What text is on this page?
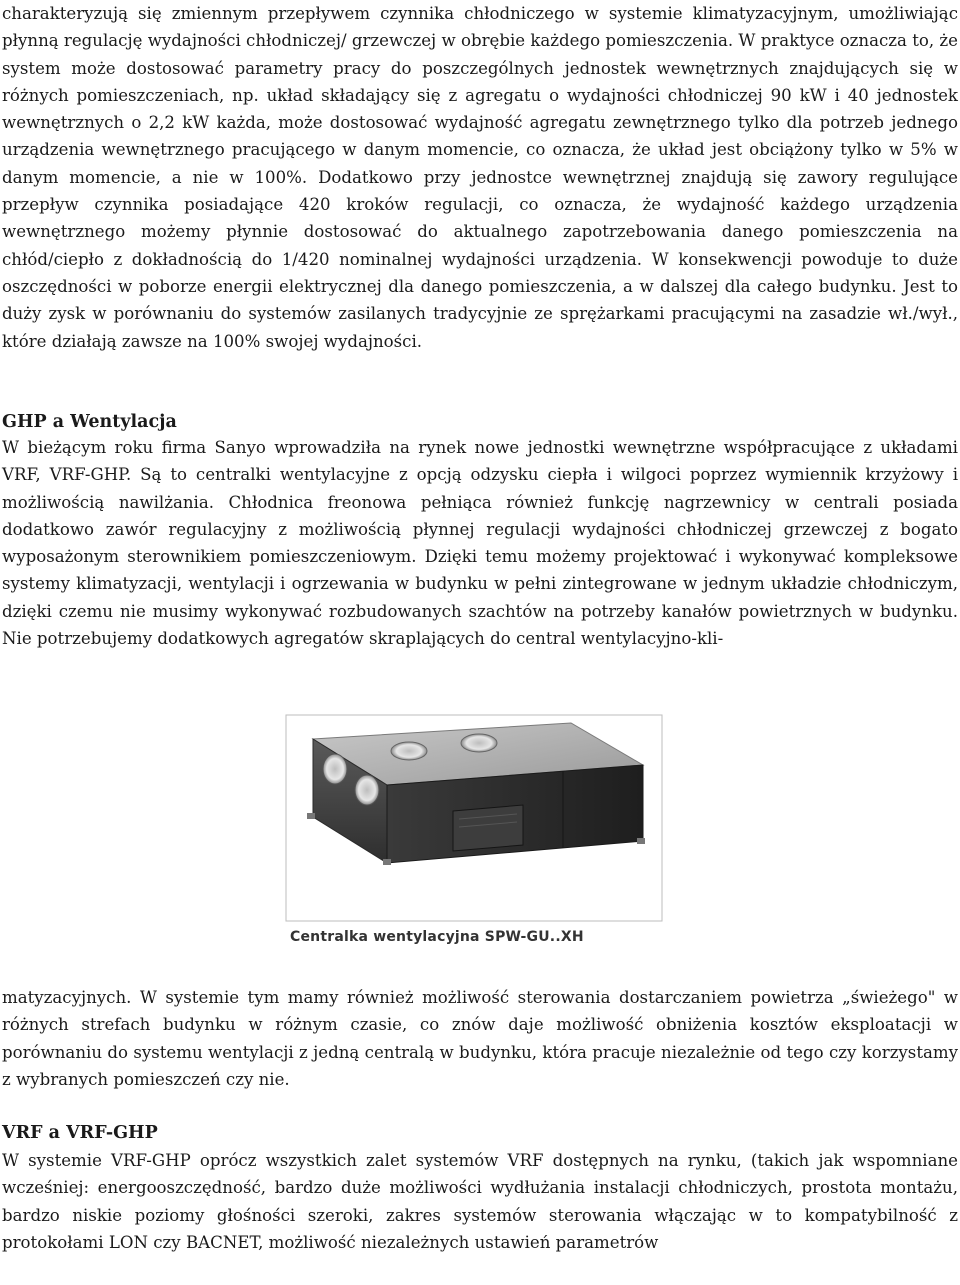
charakteryzują się zmiennym przepływem czynnika chłodniczego w systemie klimatyzacyjnym, umożliwiając płynną regulację wydajności chłodniczej/ grzewczej w obrębie każdego pomieszczenia. W praktyce oznacza to, że system może dostosować parametry pracy do poszczególnych jednostek wewnętrznych znajdujących się w różnych pomieszczeniach, np. układ składający się z agregatu o wydajności chłodniczej 90 kW i 40 jednostek wewnętrznych o 2,2 kW każda, może dostosować wydajność agregatu zewnętrznego tylko dla potrzeb jednego urządzenia wewnętrznego pracującego w danym momencie, co oznacza, że układ jest obciążony tylko w 5% w danym momencie, a nie w 100%. Dodatkowo przy jednostce wewnętrznej znajdują się zawory regulujące przepływ czynnika posiadające 420 kroków regulacji, co oznacza, że wydajność każdego urządzenia wewnętrznego możemy płynnie dostosować do aktualnego zapotrzebowania danego pomieszczenia na chłód/ciepło z dokładnością do 1/420 nominalnej wydajności urządzenia. W konsekwencji powoduje to duże oszczędności w poborze energii elektrycznej dla danego pomieszczenia, a w dalszej dla całego budynku. Jest to duży zysk w porównaniu do systemów zasilanych tradycyjnie ze sprężarkami pracującymi na zasadzie wł./wył., które działają zawsze na 100% swojej wydajności.

GHP a Wentylacja

W bieżącym roku firma Sanyo wprowadziła na rynek nowe jednostki wewnętrzne współpracujące z układami VRF, VRF-GHP. Są to centralki wentylacyjne z opcją odzysku ciepła i wilgoci poprzez wymiennik krzyżowy i możliwością nawilżania. Chłodnica freonowa pełniąca również funkcję nagrzewnicy w centrali posiada dodatkowo zawór regulacyjny z możliwością płynnej regulacji wydajności chłodniczej grzewczej z bogato wyposażonym sterownikiem pomieszczeniowym. Dzięki temu możemy projektować i wykonywać kompleksowe systemy klimatyzacji, wentylacji i ogrzewania w budynku w pełni zintegrowane w jednym układzie chłodniczym, dzięki czemu nie musimy wykonywać rozbudowanych szachtów na potrzeby kanałów powietrznych w budynku. Nie potrzebujemy dodatkowych agregatów skraplających do central wentylacyjno-kli-

Centralka wentylacyjna SPW-GU..XH

matyzacyjnych. W systemie tym mamy również możliwość sterowania dostarczaniem powietrza „świeżego" w różnych strefach budynku w różnym czasie, co znów daje możliwość obniżenia kosztów eksploatacji w porównaniu do systemu wentylacji z jedną centralą w budynku, która pracuje niezależnie od tego czy korzystamy z wybranych pomieszczeń czy nie.

VRF a VRF-GHP

W systemie VRF-GHP oprócz wszystkich zalet systemów VRF dostępnych na rynku, (takich jak wspomniane wcześniej: energooszczędność, bardzo duże możliwości wydłużania instalacji chłodniczych, prostota montażu, bardzo niskie poziomy głośności szeroki, zakres systemów sterowania włączając w to kompatybilność z protokołami LON czy BACNET, możliwość niezależnych ustawień parametrów
